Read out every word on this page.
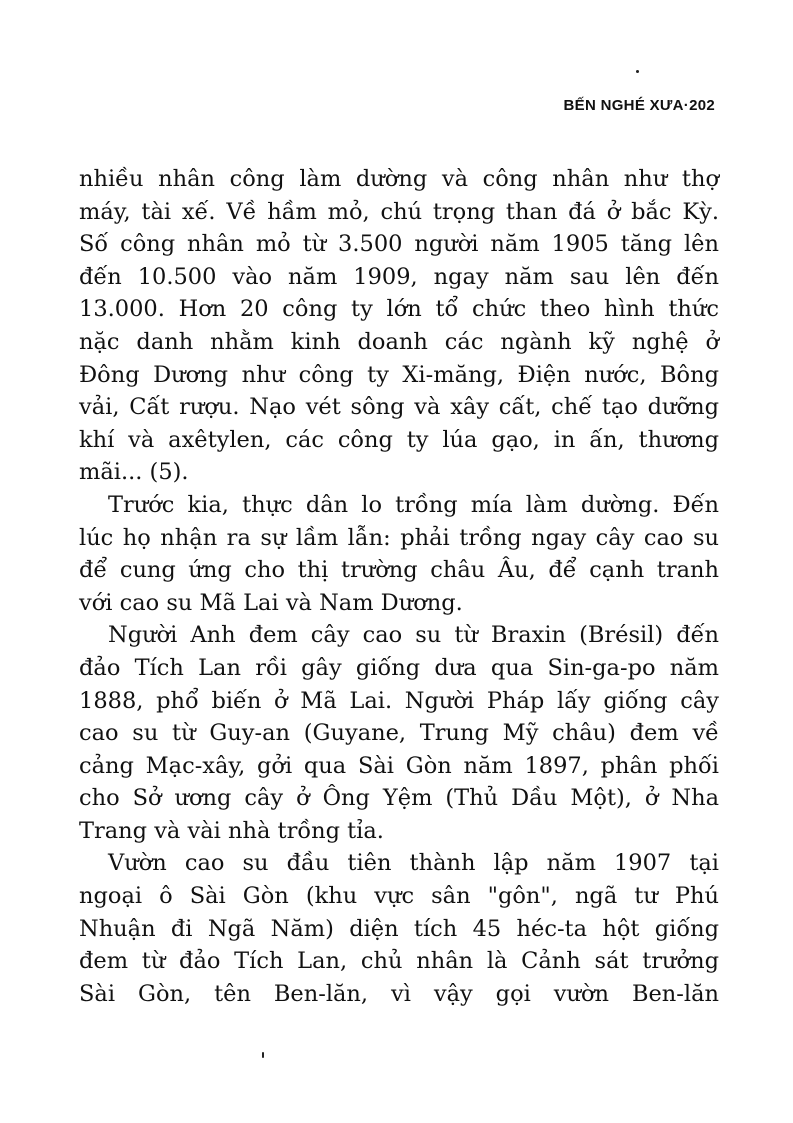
BẾN NGHÉ XƯA·202
nhiều nhân công làm dường và công nhân như thợ
máy, tài xế. Về hầm mỏ, chú trọng than đá ở bắc Kỳ.
Số công nhân mỏ từ 3.500 người năm 1905 tăng lên
đến 10.500 vào năm 1909, ngay năm sau lên đến
13.000. Hơn 20 công ty lớn tổ chức theo hình thức
nặc danh nhằm kinh doanh các ngành kỹ nghệ ở
Đông Dương như công ty Xi-măng, Điện nước, Bông
vải, Cất rượu. Nạo vét sông và xây cất, chế tạo dưỡng
khí và axêtylen, các công ty lúa gạo, in ấn, thương
mãi... (5).
Trước kia, thực dân lo trồng mía làm dường. Đến
lúc họ nhận ra sự lầm lẫn: phải trồng ngay cây cao su
để cung ứng cho thị trường châu Âu, để cạnh tranh
với cao su Mã Lai và Nam Dương.
Người Anh đem cây cao su từ Braxin (Brésil) đến
đảo Tích Lan rồi gây giống dưa qua Sin-ga-po năm
1888, phổ biến ở Mã Lai. Người Pháp lấy giống cây
cao su từ Guy-an (Guyane, Trung Mỹ châu) đem về
cảng Mạc-xây, gởi qua Sài Gòn năm 1897, phân phối
cho Sở ương cây ở Ông Yệm (Thủ Dầu Một), ở Nha
Trang và vài nhà trồng tỉa.
Vườn cao su đầu tiên thành lập năm 1907 tại
ngoại ô Sài Gòn (khu vực sân "gôn", ngã tư Phú
Nhuận đi Ngã Năm) diện tích 45 héc-ta hột giống
đem từ đảo Tích Lan, chủ nhân là Cảnh sát trưởng
Sài Gòn, tên Ben-lăn, vì vậy gọi vườn Ben-lăn
